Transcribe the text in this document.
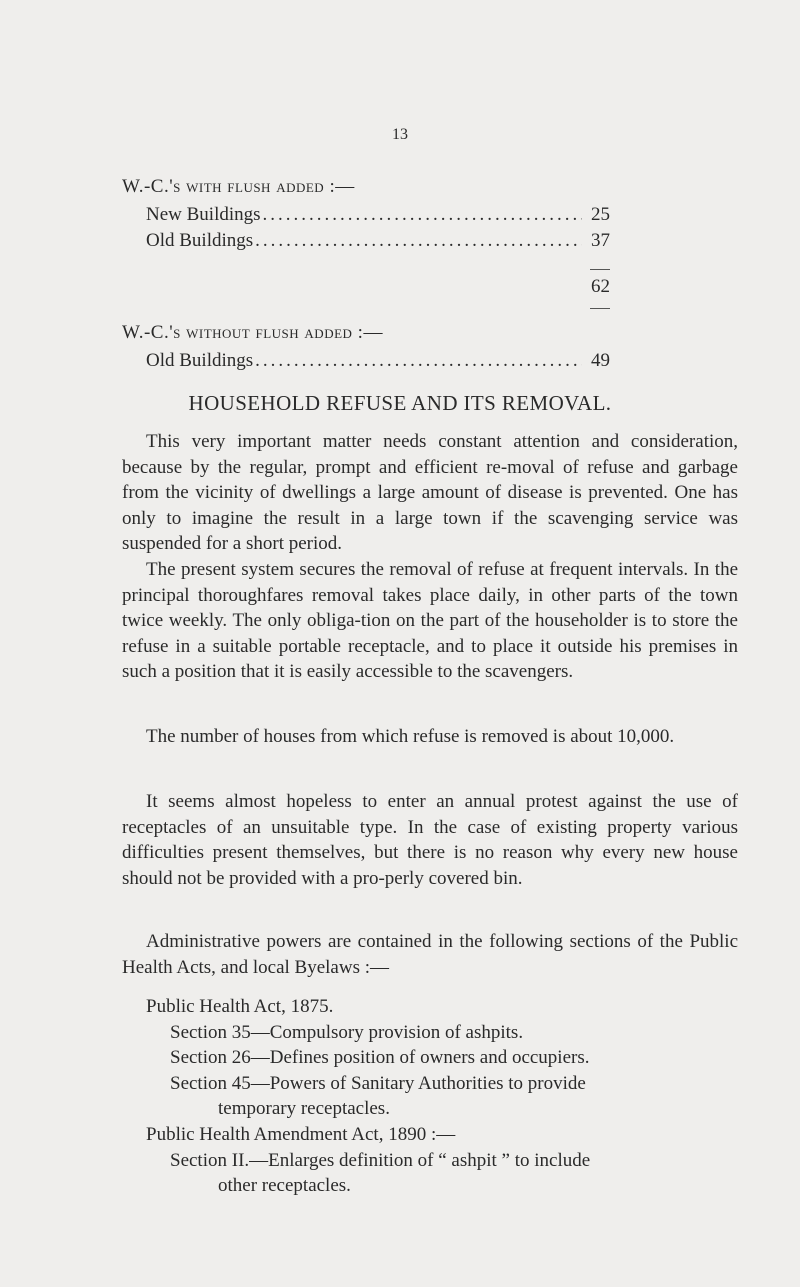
13
W.-C.'s with flush added :—
New Buildings .....	25
Old Buildings .....	37
62
W.-C.'s without flush added :—
Old Buildings .....	49
HOUSEHOLD REFUSE AND ITS REMOVAL.

This very important matter needs constant attention and consideration, because by the regular, prompt and efficient re-moval of refuse and garbage from the vicinity of dwellings a large amount of disease is prevented. One has only to imagine the result in a large town if the scavenging service was suspended for a short period.

The present system secures the removal of refuse at frequent intervals. In the principal thoroughfares removal takes place daily, in other parts of the town twice weekly. The only obliga-tion on the part of the householder is to store the refuse in a suitable portable receptacle, and to place it outside his premises in such a position that it is easily accessible to the scavengers.

The number of houses from which refuse is removed is about 10,000.

It seems almost hopeless to enter an annual protest against the use of receptacles of an unsuitable type. In the case of existing property various difficulties present themselves, but there is no reason why every new house should not be provided with a pro-perly covered bin.

Administrative powers are contained in the following sections of the Public Health Acts, and local Byelaws :—

Public Health Act, 1875.
Section 35—Compulsory provision of ashpits.
Section 26—Defines position of owners and occupiers.
Section 45—Powers of Sanitary Authorities to provide
temporary receptacles.
Public Health Amendment Act, 1890 :—
Section II.—Enlarges definition of “ ashpit ” to include
other receptacles.
